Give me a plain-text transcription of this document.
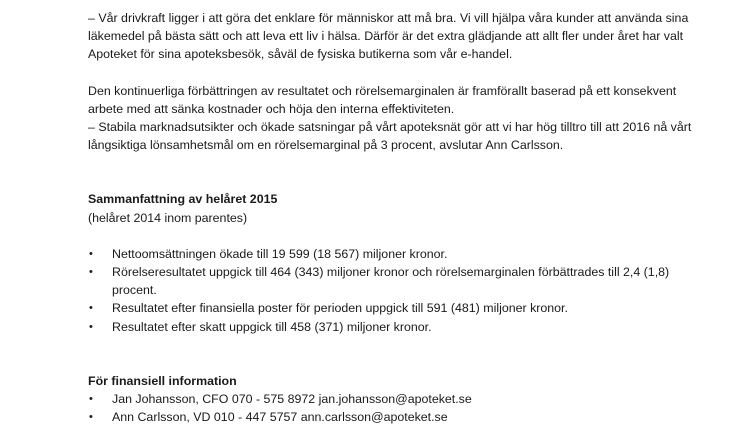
– Vår drivkraft ligger i att göra det enklare för människor att må bra. Vi vill hjälpa våra kunder att använda sina läkemedel på bästa sätt och att leva ett liv i hälsa. Därför är det extra glädjande att allt fler under året har valt Apoteket för sina apoteksbesök, såväl de fysiska butikerna som vår e-handel.

Den kontinuerliga förbättringen av resultatet och rörelsemarginalen är framförallt baserad på ett konsekvent arbete med att sänka kostnader och höja den interna effektiviteten.

– Stabila marknadsutsikter och ökade satsningar på vårt apoteksnät gör att vi har hög tilltro till att 2016 nå vårt långsiktiga lönsamhetsmål om en rörelsemarginal på 3 procent, avslutar Ann Carlsson.

Sammanfattning av helåret 2015

(helåret 2014 inom parentes)

• Nettoomsättningen ökade till 19 599 (18 567) miljoner kronor.
• Rörelseresultatet uppgick till 464 (343) miljoner kronor och rörelsemarginalen förbättrades till 2,4 (1,8) procent.
• Resultatet efter finansiella poster för perioden uppgick till 591 (481) miljoner kronor.
• Resultatet efter skatt uppgick till 458 (371) miljoner kronor.

För finansiell information

• Jan Johansson, CFO 070 - 575 8972 jan.johansson@apoteket.se
• Ann Carlsson, VD 010 - 447 5757 ann.carlsson@apoteket.se
